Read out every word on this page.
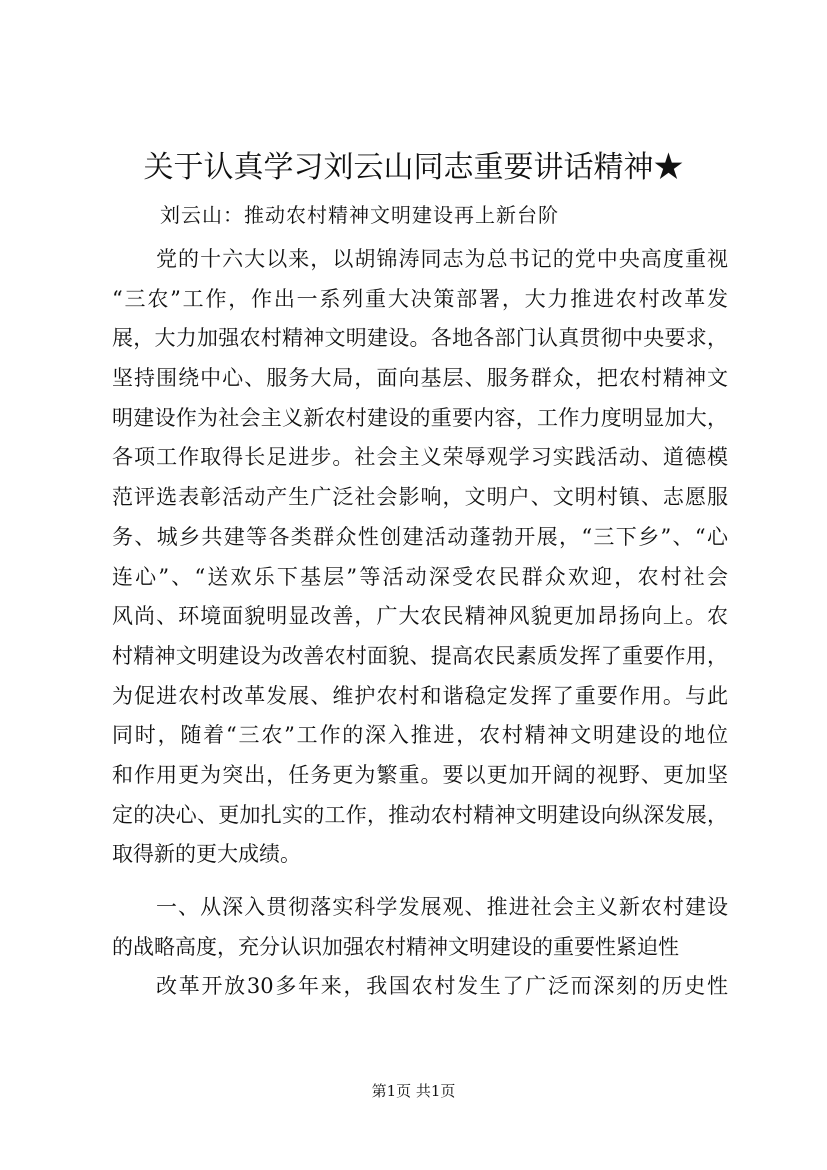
关于认真学习刘云山同志重要讲话精神★
刘云山：推动农村精神文明建设再上新台阶
党的十六大以来，以胡锦涛同志为总书记的党中央高度重视
“三农”工作，作出一系列重大决策部署，大力推进农村改革发
展，大力加强农村精神文明建设。各地各部门认真贯彻中央要求，
坚持围绕中心、服务大局，面向基层、服务群众，把农村精神文
明建设作为社会主义新农村建设的重要内容，工作力度明显加大，
各项工作取得长足进步。社会主义荣辱观学习实践活动、道德模
范评选表彰活动产生广泛社会影响，文明户、文明村镇、志愿服
务、城乡共建等各类群众性创建活动蓬勃开展，“三下乡”、“心
连心”、“送欢乐下基层”等活动深受农民群众欢迎，农村社会
风尚、环境面貌明显改善，广大农民精神风貌更加昂扬向上。农
村精神文明建设为改善农村面貌、提高农民素质发挥了重要作用，
为促进农村改革发展、维护农村和谐稳定发挥了重要作用。与此
同时，随着“三农”工作的深入推进，农村精神文明建设的地位
和作用更为突出，任务更为繁重。要以更加开阔的视野、更加坚
定的决心、更加扎实的工作，推动农村精神文明建设向纵深发展，
取得新的更大成绩。
一、从深入贯彻落实科学发展观、推进社会主义新农村建设
的战略高度，充分认识加强农村精神文明建设的重要性紧迫性
改革开放30多年来，我国农村发生了广泛而深刻的历史性
第1页 共1页
